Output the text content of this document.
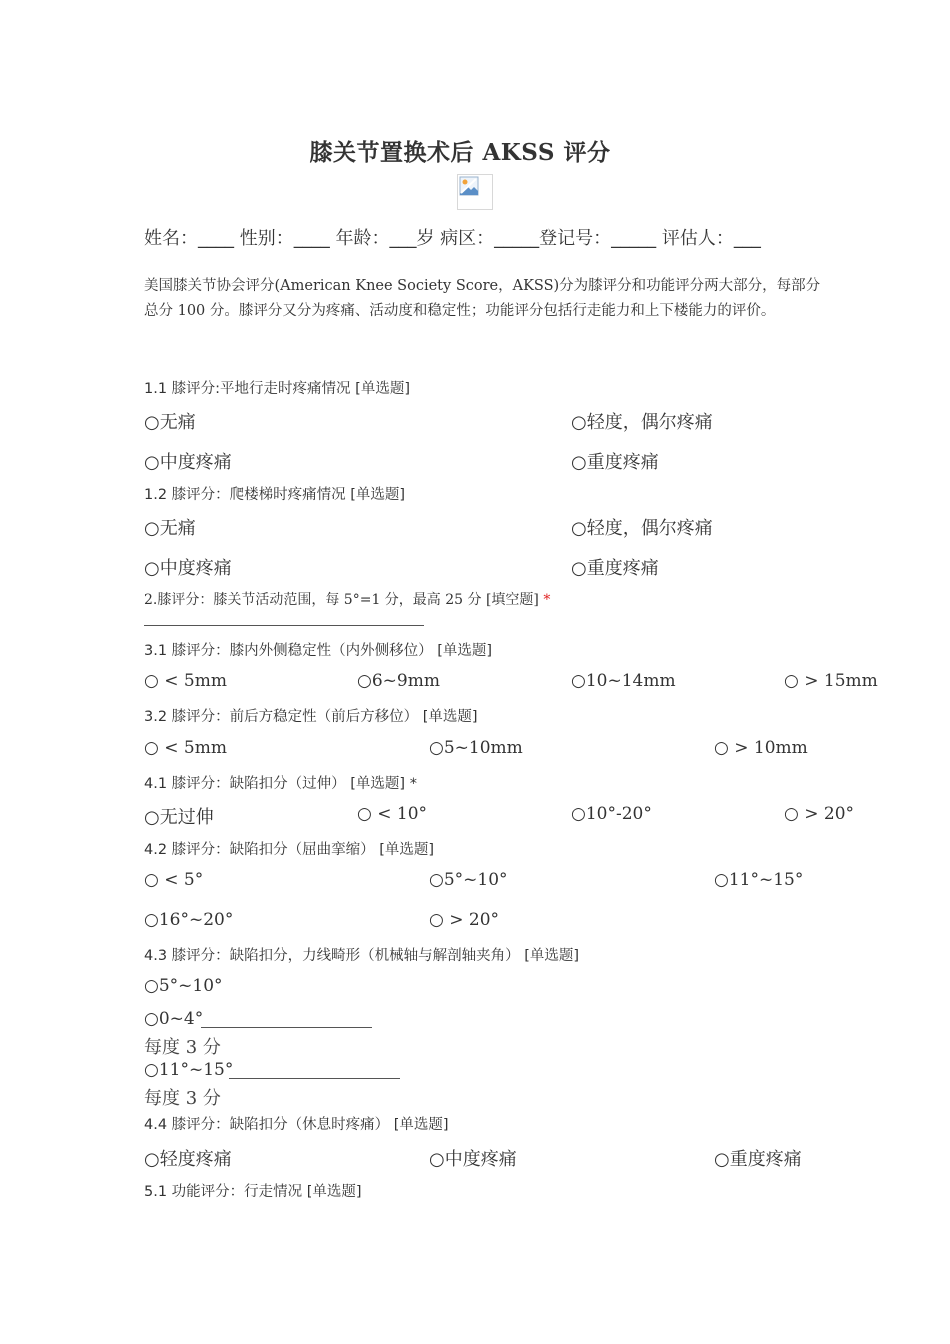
膝关节置换术后 AKSS 评分
姓名：____ 性别：____ 年龄：___岁 病区：_____登记号：_____ 评估人：___
美国膝关节协会评分(American Knee Society Score，AKSS)分为膝评分和功能评分两大部分，每部分总分 100 分。膝评分又分为疼痛、活动度和稳定性；功能评分包括行走能力和上下楼能力的评价。
1.1 膝评分:平地行走时疼痛情况 [单选题]
○无痛	○轻度，偶尔疼痛
○中度疼痛	○重度疼痛
1.2 膝评分：爬楼梯时疼痛情况 [单选题]
○无痛	○轻度，偶尔疼痛
○中度疼痛	○重度疼痛
2.膝评分：膝关节活动范围，每 5°=1 分，最高 25 分 [填空题] *
3.1 膝评分：膝内外侧稳定性（内外侧移位） [单选题]
○ < 5mm	○6~9mm	○10~14mm	○ > 15mm
3.2 膝评分：前后方稳定性（前后方移位） [单选题]
○ < 5mm	○5~10mm	○ > 10mm
4.1 膝评分：缺陷扣分（过伸） [单选题] *
○无过伸	○ < 10°	○10°-20°	○ > 20°
4.2 膝评分：缺陷扣分（屈曲挛缩） [单选题]
○ < 5°	○5°~10°	○11°~15°
○16°~20°	○ > 20°
4.3 膝评分：缺陷扣分，力线畸形（机械轴与解剖轴夹角） [单选题]
○5°~10°
○0~4°
每度 3 分
○11°~15°
每度 3 分
4.4 膝评分：缺陷扣分（休息时疼痛） [单选题]
○轻度疼痛	○中度疼痛	○重度疼痛
5.1 功能评分：行走情况 [单选题]
